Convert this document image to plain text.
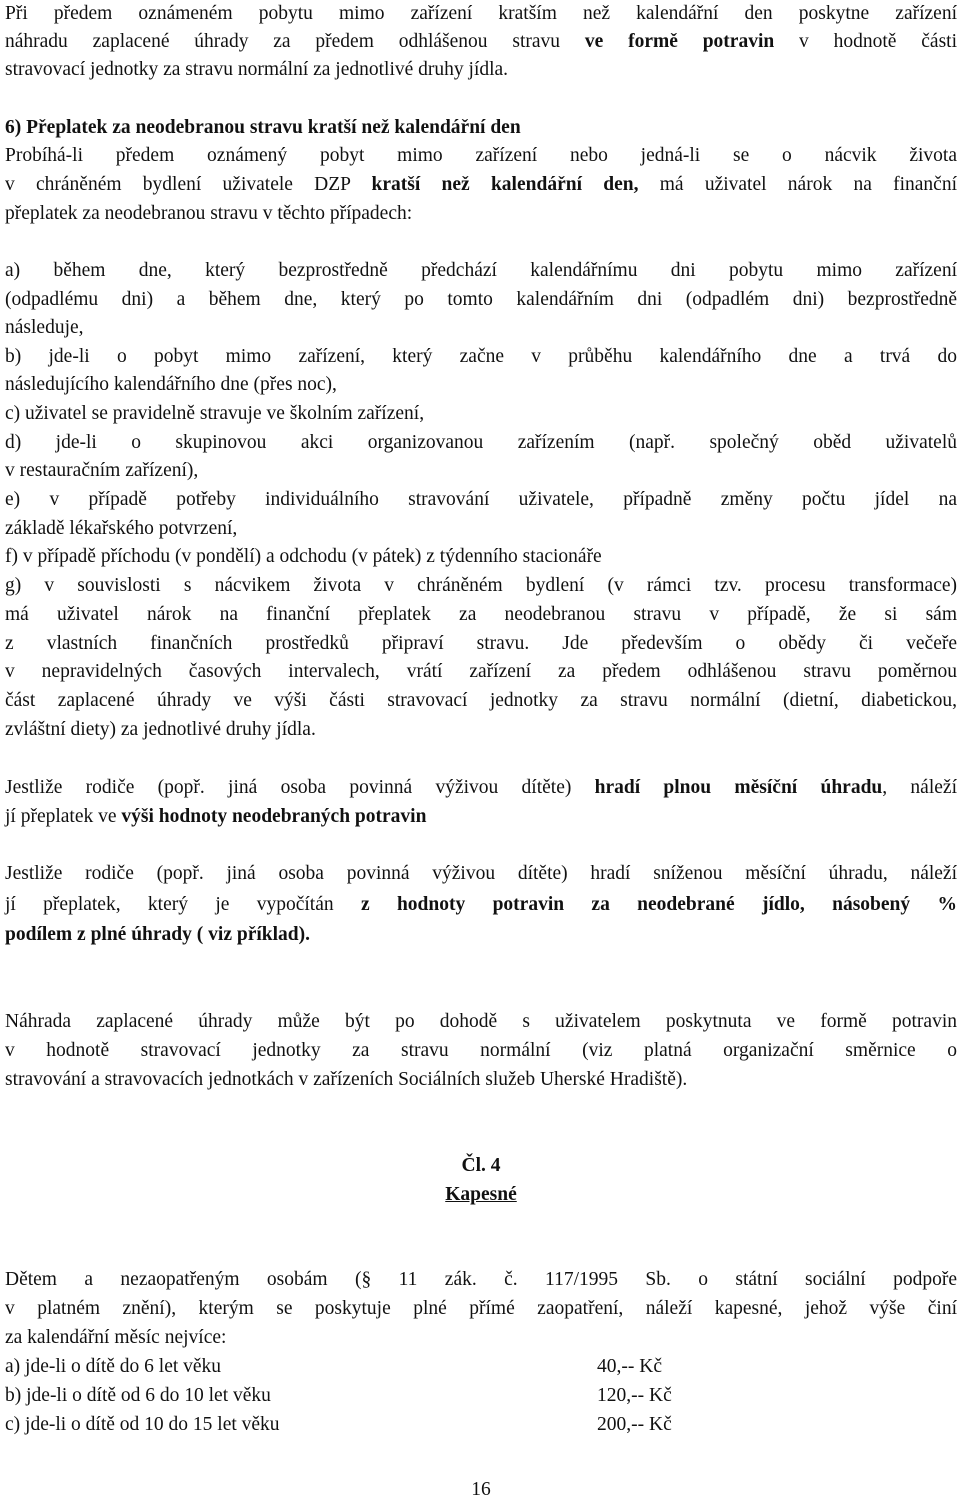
Při předem oznámeném pobytu mimo zařízení kratším než kalendářní den poskytne zařízení
náhradu zaplacené úhrady za předem odhlášenou stravu ve formě potravin v hodnotě části
stravovací jednotky za stravu normální za jednotlivé druhy jídla.
6) Přeplatek za neodebranou stravu kratší než kalendářní den
Probíhá-li předem oznámený pobyt mimo zařízení nebo jedná-li se o nácvik života
v chráněném bydlení uživatele DZP kratší než kalendářní den, má uživatel nárok na finanční
přeplatek za neodebranou stravu v těchto případech:
a) během dne, který bezprostředně předchází kalendářnímu dni pobytu mimo zařízení
(odpadlému dni) a během dne, který po tomto kalendářním dni (odpadlém dni) bezprostředně
následuje,
b) jde-li o pobyt mimo zařízení, který začne v průběhu kalendářního dne a trvá do
následujícího kalendářního dne (přes noc),
c) uživatel se pravidelně stravuje ve školním zařízení,
d) jde-li o skupinovou akci organizovanou zařízením (např. společný oběd uživatelů
v restauračním zařízení),
e) v případě potřeby individuálního stravování uživatele, případně změny počtu jídel na
základě lékařského potvrzení,
f) v případě příchodu (v pondělí) a odchodu (v pátek) z týdenního stacionáře
g) v souvislosti s nácvikem života v chráněném bydlení (v rámci tzv. procesu transformace)
má uživatel nárok na finanční přeplatek za neodebranou stravu v případě, že si sám
z vlastních finančních prostředků připraví stravu. Jde především o obědy či večeře
v nepravidelných časových intervalech, vrátí zařízení za předem odhlášenou stravu poměrnou
část zaplacené úhrady ve výši části stravovací jednotky za stravu normální (dietní, diabetickou,
zvláštní diety) za jednotlivé druhy jídla.
Jestliže rodiče (popř. jiná osoba povinná výživou dítěte) hradí plnou měsíční úhradu, náleží
jí přeplatek ve výši hodnoty neodebraných potravin
Jestliže rodiče (popř. jiná osoba povinná výživou dítěte) hradí sníženou měsíční úhradu, náleží
jí přeplatek, který je vypočítán z hodnoty potravin za neodebrané jídlo, násobený %
podílem z plné úhrady ( viz příklad).
Náhrada zaplacené úhrady může být po dohodě s uživatelem poskytnuta ve formě potravin
v hodnotě stravovací jednotky za stravu normální (viz platná organizační směrnice o
stravování a stravovacích jednotkách v zařízeních Sociálních služeb Uherské Hradiště).
Čl. 4
Kapesné
Dětem a nezaopatřeným osobám (§ 11 zák. č. 117/1995 Sb. o státní sociální podpoře
v platném znění), kterým se poskytuje plné přímé zaopatření, náleží kapesné, jehož výše činí
za kalendářní měsíc nejvíce:
a) jde-li o dítě do 6 let věku	40,-- Kč
b) jde-li o dítě od 6 do 10 let věku	120,-- Kč
c) jde-li o dítě od 10 do 15 let věku	200,-- Kč
16
